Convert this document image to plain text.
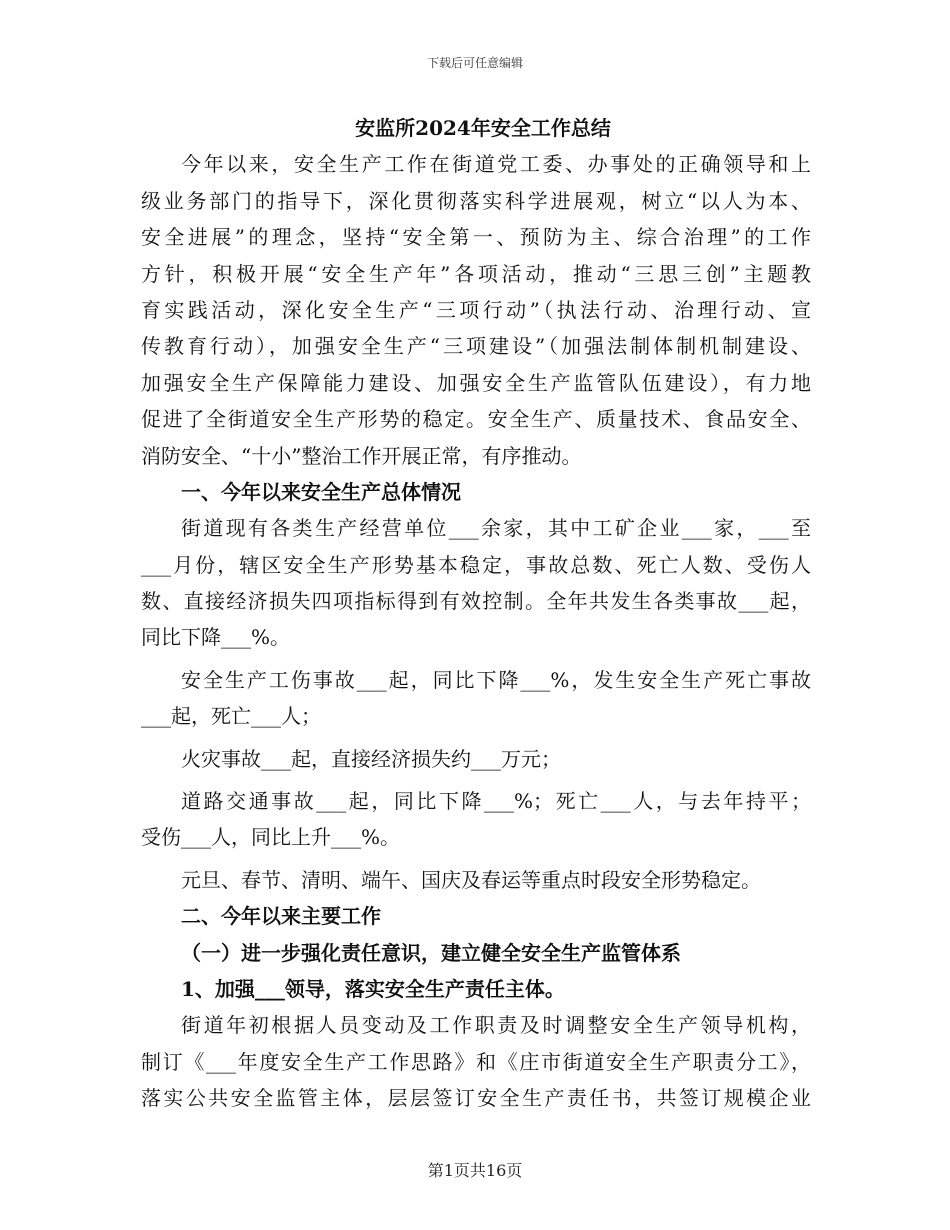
下载后可任意编辑
安监所2024年安全工作总结
今年以来，安全生产工作在街道党工委、办事处的正确领导和上
级业务部门的指导下，深化贯彻落实科学进展观，树立“以人为本、
安全进展”的理念，坚持“安全第一、预防为主、综合治理”的工作
方针，积极开展“安全生产年”各项活动，推动“三思三创”主题教
育实践活动，深化安全生产“三项行动”（执法行动、治理行动、宣
传教育行动），加强安全生产“三项建设”（加强法制体制机制建设、
加强安全生产保障能力建设、加强安全生产监管队伍建设），有力地
促进了全街道安全生产形势的稳定。安全生产、质量技术、食品安全、
消防安全、“十小”整治工作开展正常，有序推动。
一、今年以来安全生产总体情况
街道现有各类生产经营单位___余家，其中工矿企业___家，___至
___月份，辖区安全生产形势基本稳定，事故总数、死亡人数、受伤人
数、直接经济损失四项指标得到有效控制。全年共发生各类事故___起，
同比下降___%。
安全生产工伤事故___起，同比下降___%，发生安全生产死亡事故
___起，死亡___人；
火灾事故___起，直接经济损失约___万元；
道路交通事故___起，同比下降___%；死亡___人，与去年持平；
受伤___人，同比上升___%。
元旦、春节、清明、端午、国庆及春运等重点时段安全形势稳定。
二、今年以来主要工作
（一）进一步强化责任意识，建立健全安全生产监管体系
1、加强___领导，落实安全生产责任主体。
街道年初根据人员变动及工作职责及时调整安全生产领导机构，
制订《___年度安全生产工作思路》和《庄市街道安全生产职责分工》，
落实公共安全监管主体，层层签订安全生产责任书，共签订规模企业
第1页共16页
